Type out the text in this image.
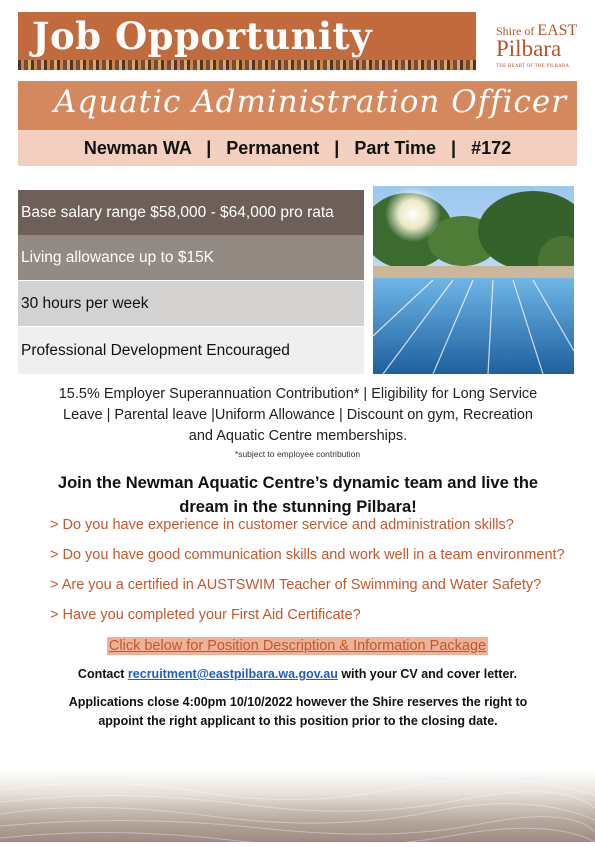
Job Opportunity	Shire of EAST
Pilbara
THE HEART OF THE PILBARA
Aquatic Administration Officer
Newman WA   |   Permanent   |   Part Time   |   #172
Base salary range $58,000 - $64,000 pro rata
Living allowance up to $15K
30 hours per week
Professional Development Encouraged
15.5% Employer Superannuation Contribution* | Eligibility for Long Service Leave | Parental leave |Uniform Allowance | Discount on gym, Recreation and Aquatic Centre memberships.
*subject to employee contribution
Join the Newman Aquatic Centre’s dynamic team and live the dream in the stunning Pilbara!
> Do you have experience in customer service and administration skills?
> Do you have good communication skills and work well in a team environment?
> Are you a certified in AUSTSWIM Teacher of Swimming and Water Safety?
> Have you completed your First Aid Certificate?
Click below for Position Description & Information Package
Contact recruitment@eastpilbara.wa.gov.au with your CV and cover letter.
Applications close 4:00pm 10/10/2022 however the Shire reserves the right to appoint the right applicant to this position prior to the closing date.
